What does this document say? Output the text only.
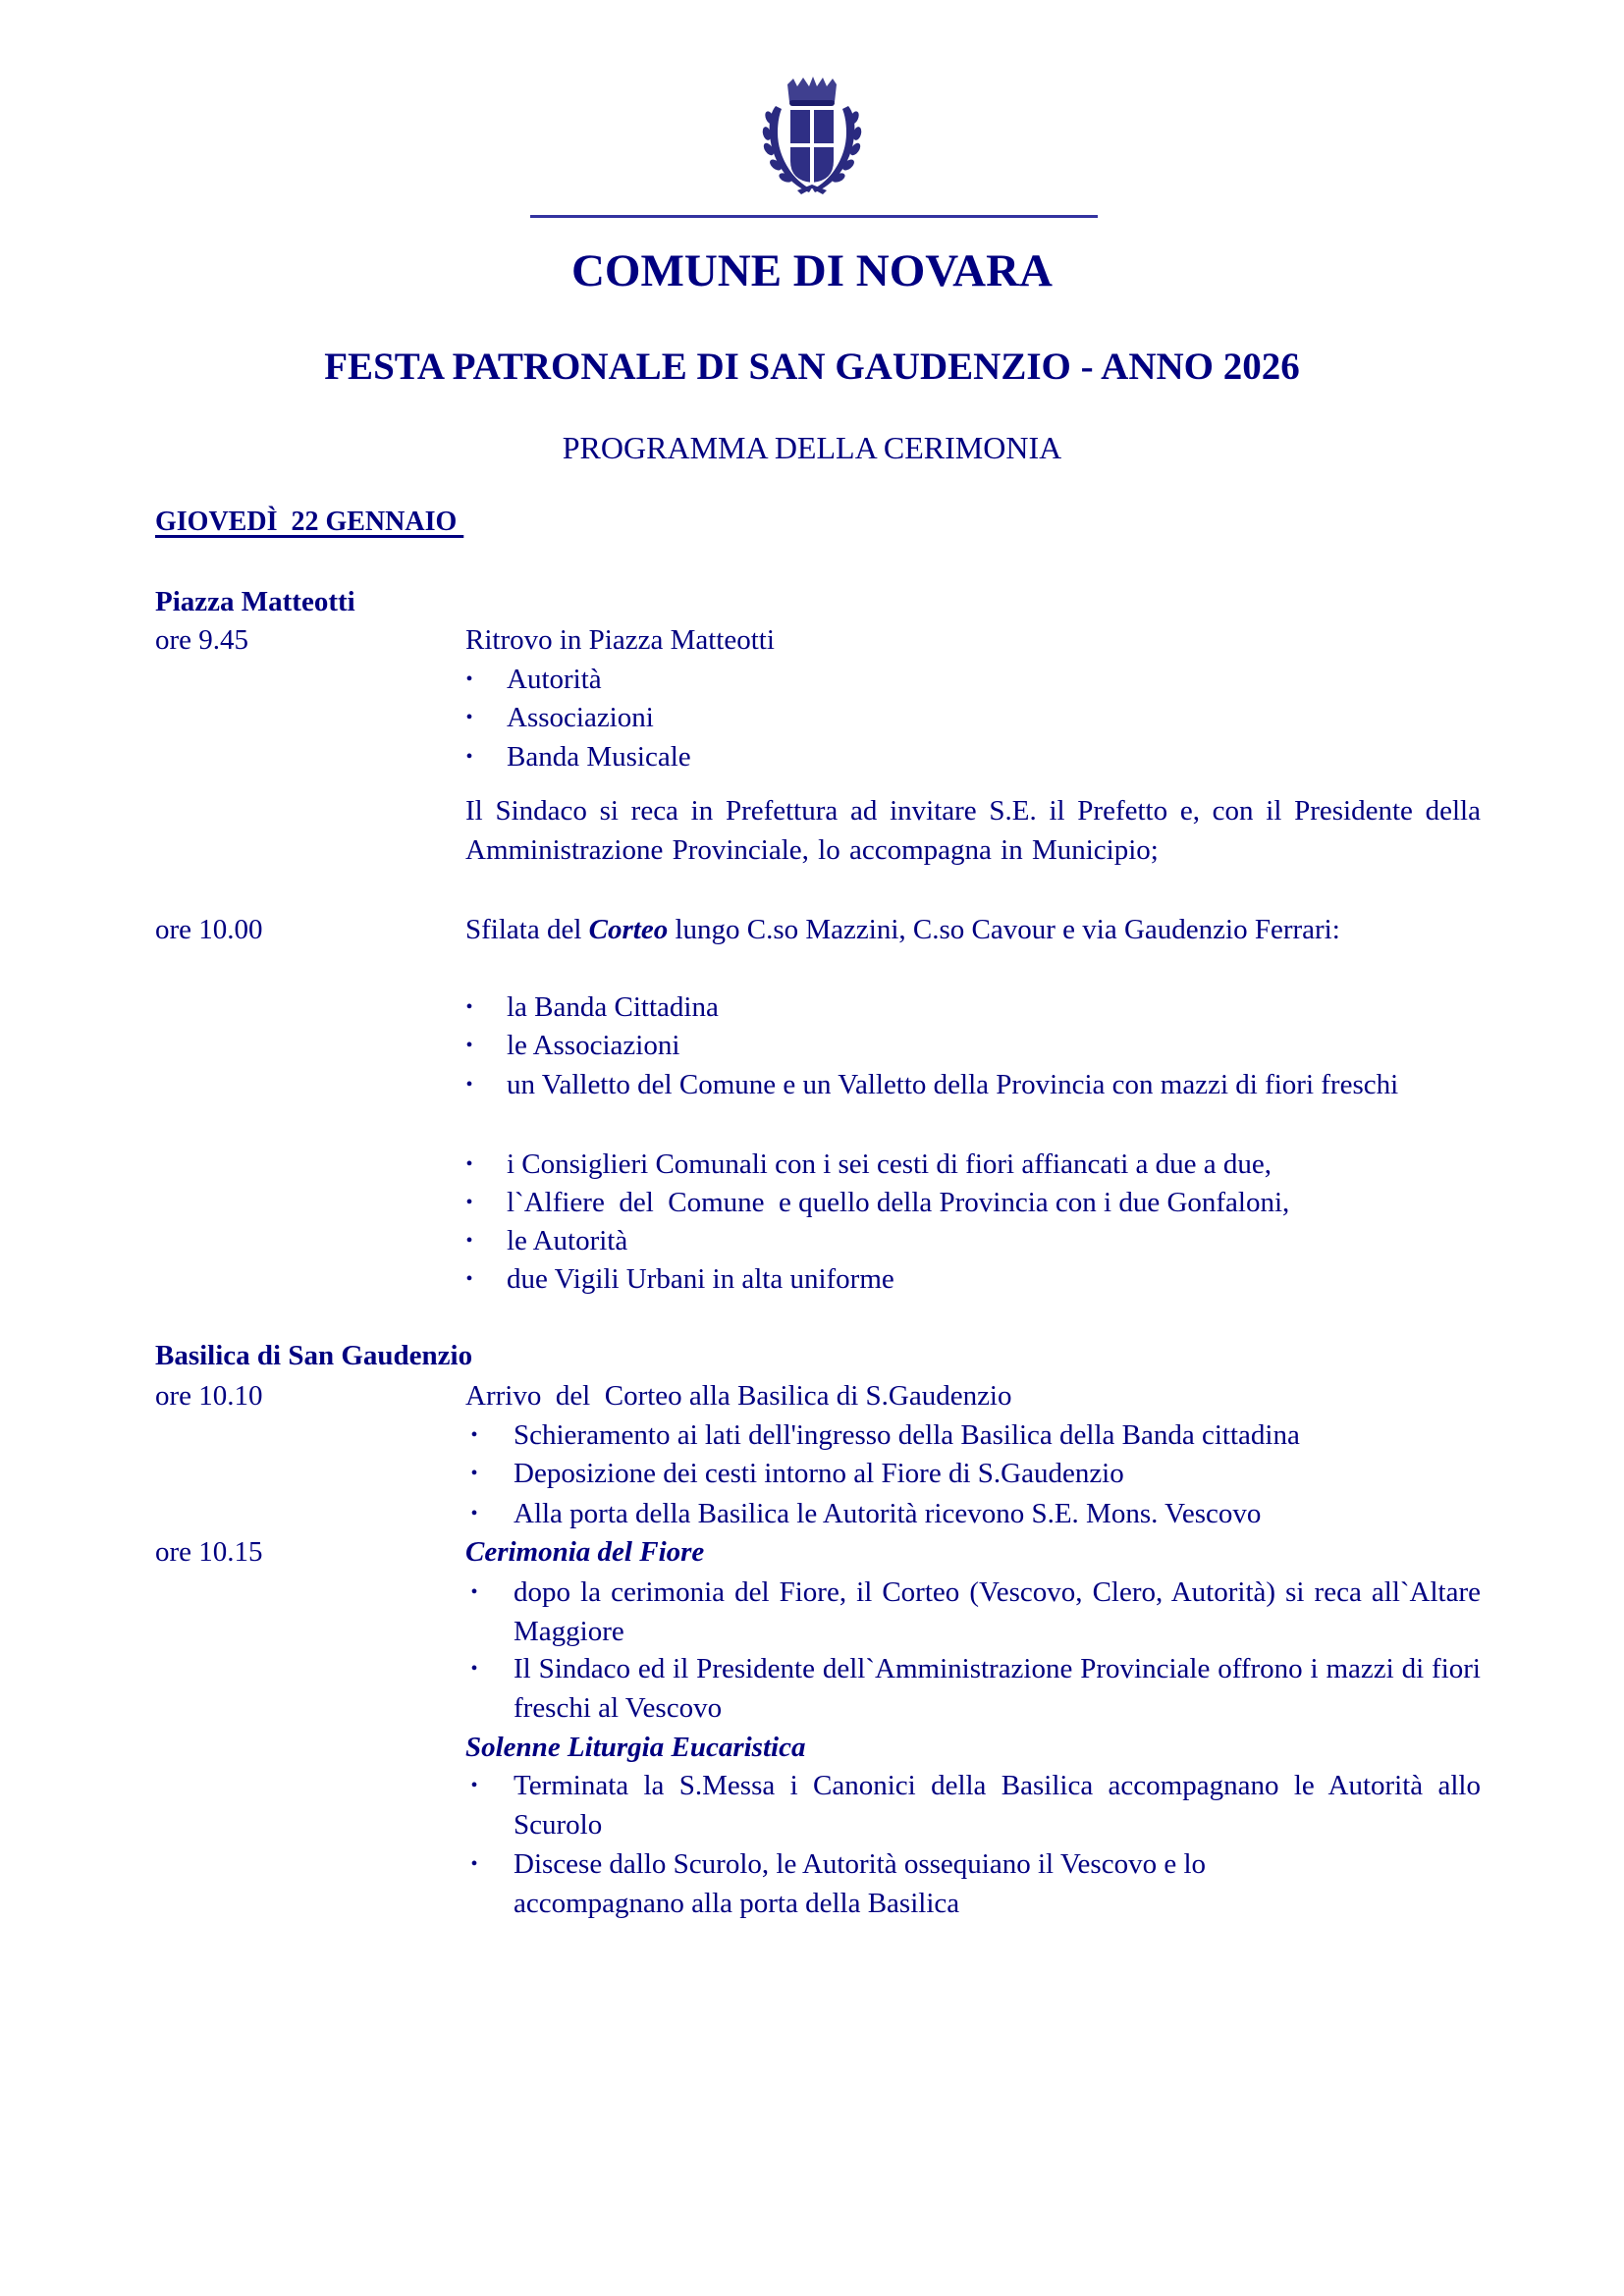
COMUNE DI NOVARA
FESTA PATRONALE DI SAN GAUDENZIO - ANNO 2026
PROGRAMMA DELLA CERIMONIA
GIOVEDÌ  22 GENNAIO
Piazza Matteotti
ore 9.45	Ritrovo in Piazza Matteotti
• Autorità
• Associazioni
• Banda Musicale
Il Sindaco si reca in Prefettura ad invitare S.E. il Prefetto e, con il Presidente della Amministrazione Provinciale, lo accompagna in Municipio;
ore 10.00	Sfilata del Corteo lungo C.so Mazzini, C.so Cavour e via Gaudenzio Ferrari:
• la Banda Cittadina
• le Associazioni
• un Valletto del Comune e un Valletto della Provincia con mazzi di fiori freschi
• i Consiglieri Comunali con i sei cesti di fiori affiancati a due a due,
• l`Alfiere  del  Comune  e quello della Provincia con i due Gonfaloni,
• le Autorità
• due Vigili Urbani in alta uniforme
Basilica di San Gaudenzio
ore 10.10	Arrivo  del  Corteo alla Basilica di S.Gaudenzio
• Schieramento ai lati dell'ingresso della Basilica della Banda cittadina
• Deposizione dei cesti intorno al Fiore di S.Gaudenzio
• Alla porta della Basilica le Autorità ricevono S.E. Mons. Vescovo
ore 10.15	Cerimonia del Fiore
• dopo la cerimonia del Fiore, il Corteo (Vescovo, Clero, Autorità) si reca all`Altare Maggiore
• Il Sindaco ed il Presidente dell`Amministrazione Provinciale offrono i mazzi di fiori freschi al Vescovo
Solenne Liturgia Eucaristica
• Terminata la S.Messa i Canonici della Basilica accompagnano le Autorità allo Scurolo
• Discese dallo Scurolo, le Autorità ossequiano il Vescovo e lo accompagnano alla porta della Basilica
